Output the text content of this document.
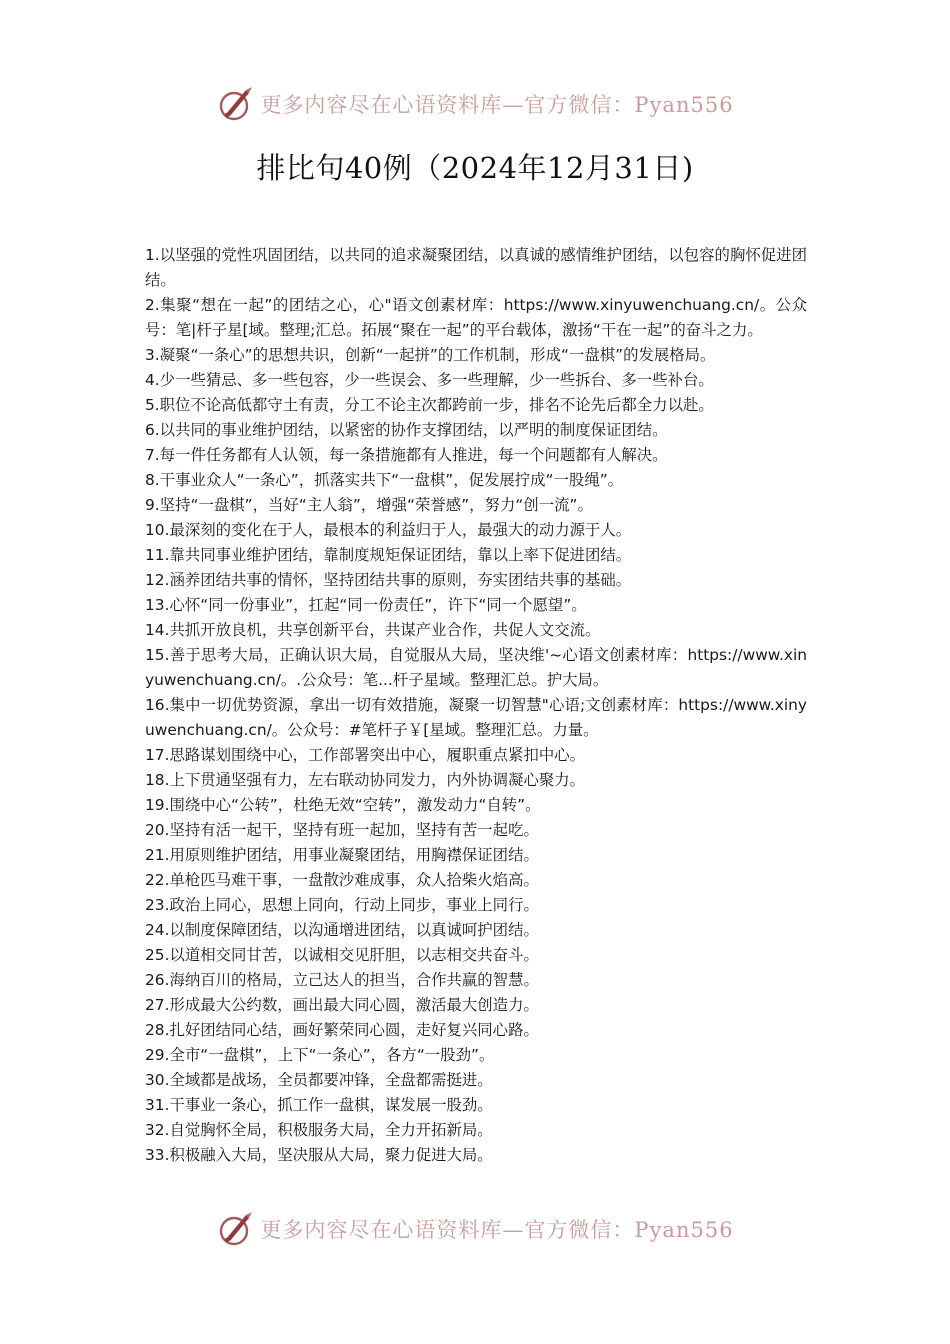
更多内容尽在心语资料库—官方微信：Pyan556
排比句40例（2024年12月31日)
1.以坚强的党性巩固团结，以共同的追求凝聚团结，以真诚的感情维护团结，以包容的胸怀促进团结。
2.集聚“想在一起”的团结之心，心"语文创素材库：https://www.xinyuwenchuang.cn/。公众号：笔|杆子星[域。整理;汇总。拓展“聚在一起”的平台载体，激扬“干在一起”的奋斗之力。
3.凝聚“一条心”的思想共识，创新“一起拼”的工作机制，形成“一盘棋”的发展格局。
4.少一些猜忌、多一些包容，少一些误会、多一些理解，少一些拆台、多一些补台。
5.职位不论高低都守土有责，分工不论主次都跨前一步，排名不论先后都全力以赴。
6.以共同的事业维护团结，以紧密的协作支撑团结，以严明的制度保证团结。
7.每一件任务都有人认领，每一条措施都有人推进，每一个问题都有人解决。
8.干事业众人“一条心”，抓落实共下“一盘棋”，促发展拧成“一股绳”。
9.坚持“一盘棋”，当好“主人翁”，增强“荣誉感”，努力“创一流”。
10.最深刻的变化在于人，最根本的利益归于人，最强大的动力源于人。
11.靠共同事业维护团结，靠制度规矩保证团结，靠以上率下促进团结。
12.涵养团结共事的情怀，坚持团结共事的原则，夯实团结共事的基础。
13.心怀“同一份事业”，扛起“同一份责任”，许下“同一个愿望”。
14.共抓开放良机，共享创新平台，共谋产业合作，共促人文交流。
15.善于思考大局，正确认识大局，自觉服从大局，坚决维'~心语文创素材库：https://www.xinyuwenchuang.cn/。.公众号：笔...杆子星域。整理汇总。护大局。
16.集中一切优势资源，拿出一切有效措施，凝聚一切智慧"心语;文创素材库：https://www.xinyuwenchuang.cn/。公众号：#笔杆子￥[星域。整理汇总。力量。
17.思路谋划围绕中心，工作部署突出中心，履职重点紧扣中心。
18.上下贯通坚强有力，左右联动协同发力，内外协调凝心聚力。
19.围绕中心“公转”，杜绝无效“空转”，激发动力“自转”。
20.坚持有活一起干，坚持有班一起加，坚持有苦一起吃。
21.用原则维护团结，用事业凝聚团结，用胸襟保证团结。
22.单枪匹马难干事，一盘散沙难成事，众人拾柴火焰高。
23.政治上同心，思想上同向，行动上同步，事业上同行。
24.以制度保障团结，以沟通增进团结，以真诚呵护团结。
25.以道相交同甘苦，以诚相交见肝胆，以志相交共奋斗。
26.海纳百川的格局，立己达人的担当，合作共赢的智慧。
27.形成最大公约数，画出最大同心圆，激活最大创造力。
28.扎好团结同心结，画好繁荣同心圆，走好复兴同心路。
29.全市“一盘棋”，上下“一条心”，各方“一股劲”。
30.全域都是战场，全员都要冲锋，全盘都需挺进。
31.干事业一条心，抓工作一盘棋，谋发展一股劲。
32.自觉胸怀全局，积极服务大局，全力开拓新局。
33.积极融入大局，坚决服从大局，聚力促进大局。
更多内容尽在心语资料库—官方微信：Pyan556
